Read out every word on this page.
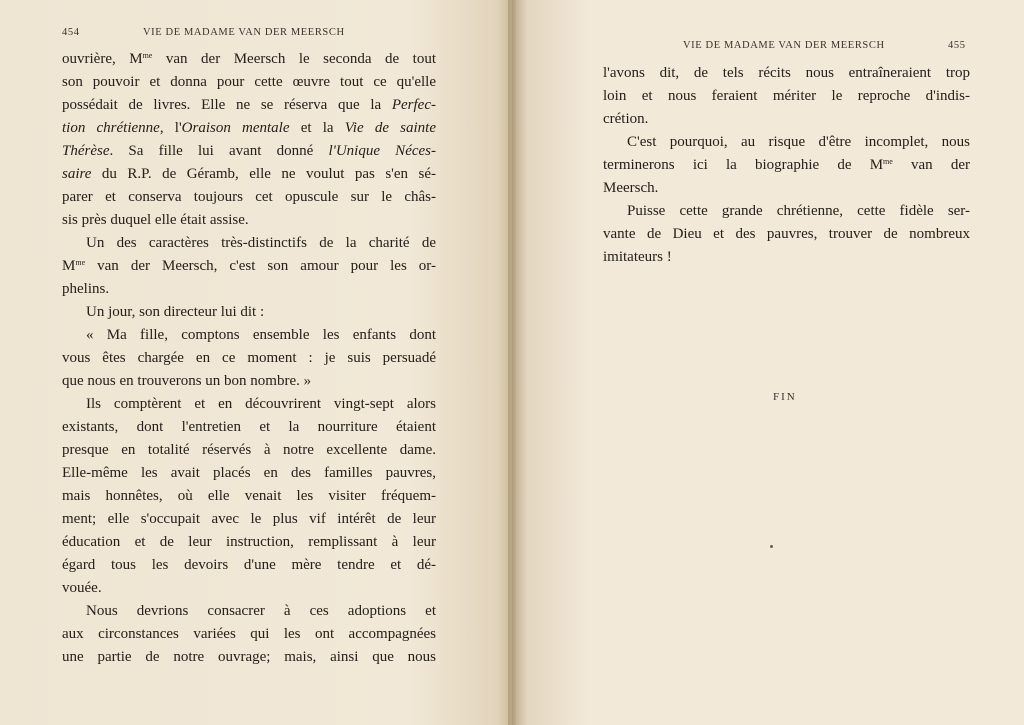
454	VIE DE MADAME VAN DER MEERSCH
ouvrière, $M^{me}$ van der Meersch le seconda de tout
son pouvoir et donna pour cette œuvre tout ce qu'elle
possédait de livres. Elle ne se réserva que la Perfec-
tion chrétienne, l'Oraison mentale et la Vie de sainte
Thérèse. Sa fille lui avant donné l'Unique Néces-
saire du R.P. de Géramb, elle ne voulut pas s'en sé-
parer et conserva toujours cet opuscule sur le châs-
sis près duquel elle était assise.
Un des caractères très-distinctifs de la charité de
$M^{me}$ van der Meersch, c'est son amour pour les or-
phelins.
Un jour, son directeur lui dit :
« Ma fille, comptons ensemble les enfants dont
vous êtes chargée en ce moment : je suis persuadé
que nous en trouverons un bon nombre. »
Ils comptèrent et en découvrirent vingt-sept alors
existants, dont l'entretien et la nourriture étaient
presque en totalité réservés à notre excellente dame.
Elle-même les avait placés en des familles pauvres,
mais honnêtes, où elle venait les visiter fréquem-
ment; elle s'occupait avec le plus vif intérêt de leur
éducation et de leur instruction, remplissant à leur
égard tous les devoirs d'une mère tendre et dé-
vouée.
Nous devrions consacrer à ces adoptions et
aux circonstances variées qui les ont accompagnées
une partie de notre ouvrage; mais, ainsi que nous
VIE DE MADAME VAN DER MEERSCH	455
l'avons dit, de tels récits nous entraîneraient trop
loin et nous feraient mériter le reproche d'indis-
crétion.
C'est pourquoi, au risque d'être incomplet, nous
terminerons ici la biographie de $M^{me}$ van der
Meersch.
Puisse cette grande chrétienne, cette fidèle ser-
vante de Dieu et des pauvres, trouver de nombreux
imitateurs !
FIN
